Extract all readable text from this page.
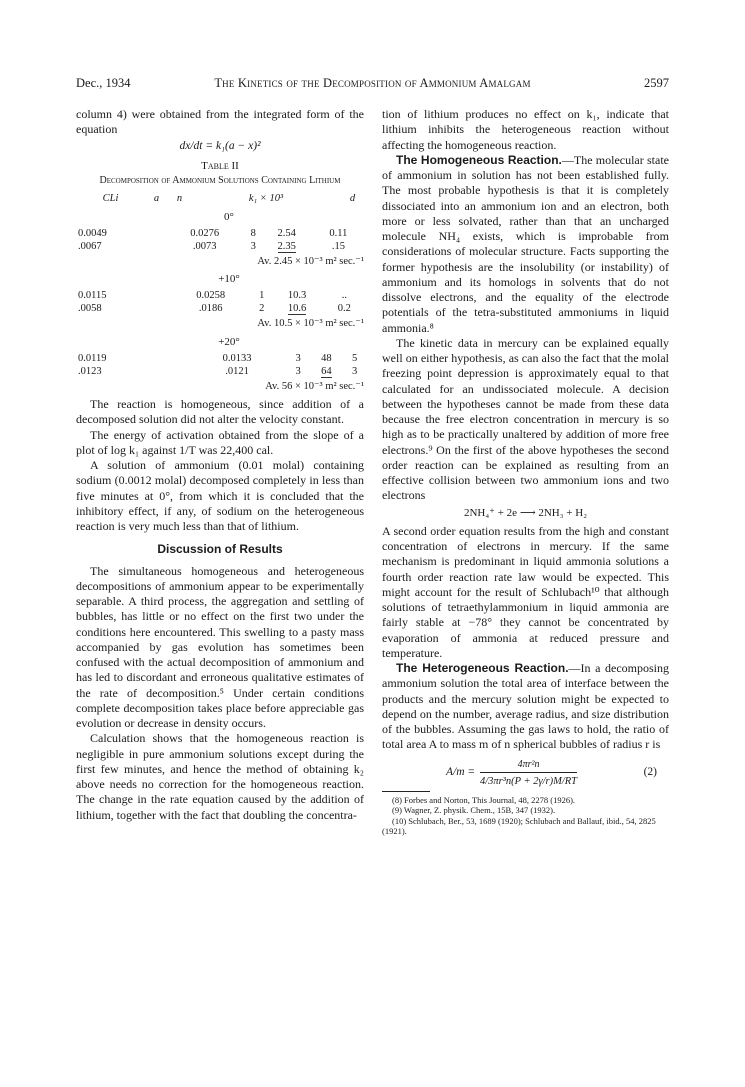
Dec., 1934	The Kinetics of the Decomposition of Ammonium Amalgam	2597

column 4) were obtained from the integrated form of the equation

dx/dt = k₁(a − x)²
Table II
Decomposition of Ammonium Solutions Containing Lithium
CLi	a	n	k₁ × 10³	d
0°
0.0049	0.0276	8	2.54	0.11
.0067	.0073	3	2.35	.15
Av. 2.45 × 10⁻³ m² sec.⁻¹
+10°
0.0115	0.0258	1	10.3	..
.0058	.0186	2	10.6	0.2
Av. 10.5 × 10⁻³ m² sec.⁻¹
+20°
0.0119	0.0133	3	48	5
.0123	.0121	3	64	3
Av. 56 × 10⁻³ m² sec.⁻¹

The reaction is homogeneous, since addition of a decomposed solution did not alter the velocity constant.

The energy of activation obtained from the slope of a plot of log k₁ against 1/T was 22,400 cal.

A solution of ammonium (0.01 molal) containing sodium (0.0012 molal) decomposed completely in less than five minutes at 0°, from which it is concluded that the inhibitory effect, if any, of sodium on the heterogeneous reaction is very much less than that of lithium.

Discussion of Results

The simultaneous homogeneous and heterogeneous decompositions of ammonium appear to be experimentally separable. A third process, the aggregation and settling of bubbles, has little or no effect on the first two under the conditions here encountered. This swelling to a pasty mass accompanied by gas evolution has sometimes been confused with the actual decomposition of ammonium and has led to discordant and erroneous qualitative estimates of the rate of decomposition.⁵ Under certain conditions complete decomposition takes place before appreciable gas evolution or decrease in density occurs.

Calculation shows that the homogeneous reaction is negligible in pure ammonium solutions except during the first few minutes, and hence the method of obtaining k₂ above needs no correction for the homogeneous reaction. The change in the rate equation caused by the addition of lithium, together with the fact that doubling the concentra-

tion of lithium produces no effect on k₁, indicate that lithium inhibits the heterogeneous reaction without affecting the homogeneous reaction.

The Homogeneous Reaction.—The molecular state of ammonium in solution has not been established fully. The most probable hypothesis is that it is completely dissociated into an ammonium ion and an electron, both more or less solvated, rather than that an uncharged molecule NH₄ exists, which is improbable from considerations of molecular structure. Facts supporting the former hypothesis are the insolubility (or instability) of ammonium and its homologs in solvents that do not dissolve electrons, and the equality of the electrode potentials of the tetra-substituted ammoniums in liquid ammonia.⁸

The kinetic data in mercury can be explained equally well on either hypothesis, as can also the fact that the molal freezing point depression is approximately equal to that calculated for an undissociated molecule. A decision between the hypotheses cannot be made from these data because the free electron concentration in mercury is so high as to be practically unaltered by addition of more free electrons.⁹ On the first of the above hypotheses the second order reaction can be explained as resulting from an effective collision between two ammonium ions and two electrons

2NH₄⁺ + 2e ⟶ 2NH₃ + H₂

A second order equation results from the high and constant concentration of electrons in mercury. If the same mechanism is predominant in liquid ammonia solutions a fourth order reaction rate law would be expected. This might account for the result of Schlubach¹⁰ that although solutions of tetraethylammonium in liquid ammonia are fairly stable at −78° they cannot be concentrated by evaporation of ammonia at reduced pressure and temperature.

The Heterogeneous Reaction.—In a decomposing ammonium solution the total area of interface between the products and the mercury solution might be expected to depend on the number, average radius, and size distribution of the bubbles. Assuming the gas laws to hold, the ratio of total area A to mass m of n spherical bubbles of radius r is

$A/m = \frac{\text{4πr²n}}{\text{4/3πr³n(P + 2γ/r)M/RT}}$	(2)
(8) Forbes and Norton, This Journal, 48, 2278 (1926).
(9) Wagner, Z. physik. Chem., 15B, 347 (1932).
(10) Schlubach, Ber., 53, 1689 (1920); Schlubach and Ballauf, ibid., 54, 2825 (1921).
